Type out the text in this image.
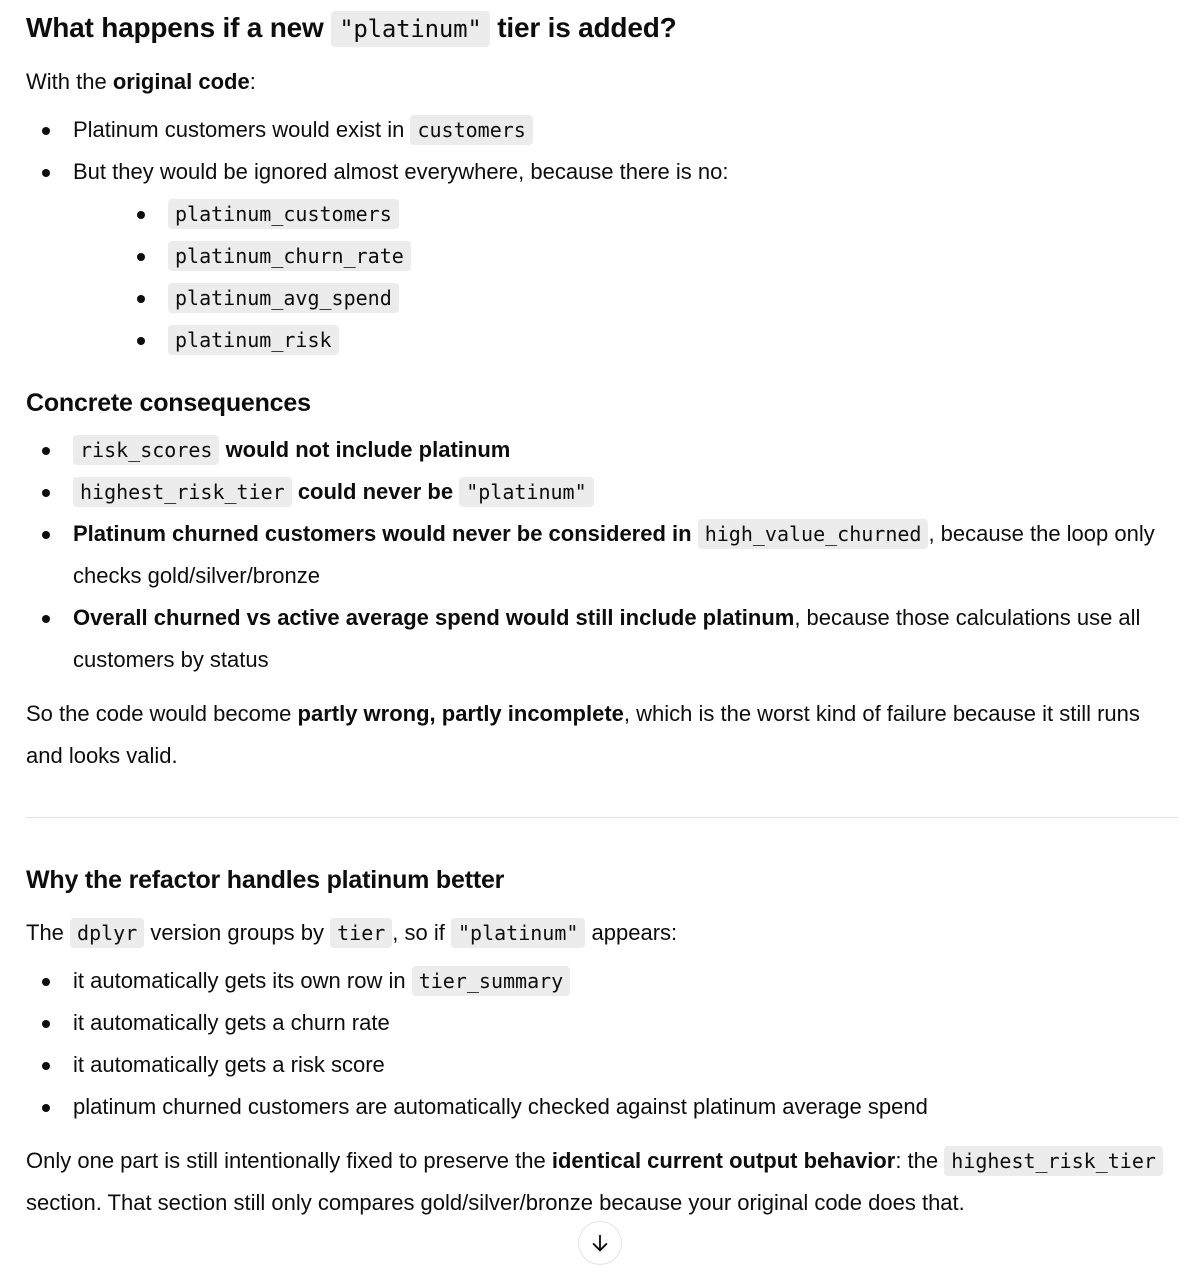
What happens if a new "platinum" tier is added?

With the original code:

Platinum customers would exist in customers
But they would be ignored almost everywhere, because there is no:
platinum_customers
platinum_churn_rate
platinum_avg_spend
platinum_risk
Concrete consequences
risk_scores would not include platinum
highest_risk_tier could never be "platinum"
Platinum churned customers would never be considered in high_value_churned , because the loop only checks gold/silver/bronze
Overall churned vs active average spend would still include platinum, because those calculations use all customers by status

So the code would become partly wrong, partly incomplete, which is the worst kind of failure because it still runs and looks valid.

Why the refactor handles platinum better

The dplyr version groups by tier , so if "platinum" appears:

it automatically gets its own row in tier_summary
it automatically gets a churn rate
it automatically gets a risk score
platinum churned customers are automatically checked against platinum average spend

Only one part is still intentionally fixed to preserve the identical current output behavior: the highest_risk_tier section. That section still only compares gold/silver/bronze because your original code does that.
